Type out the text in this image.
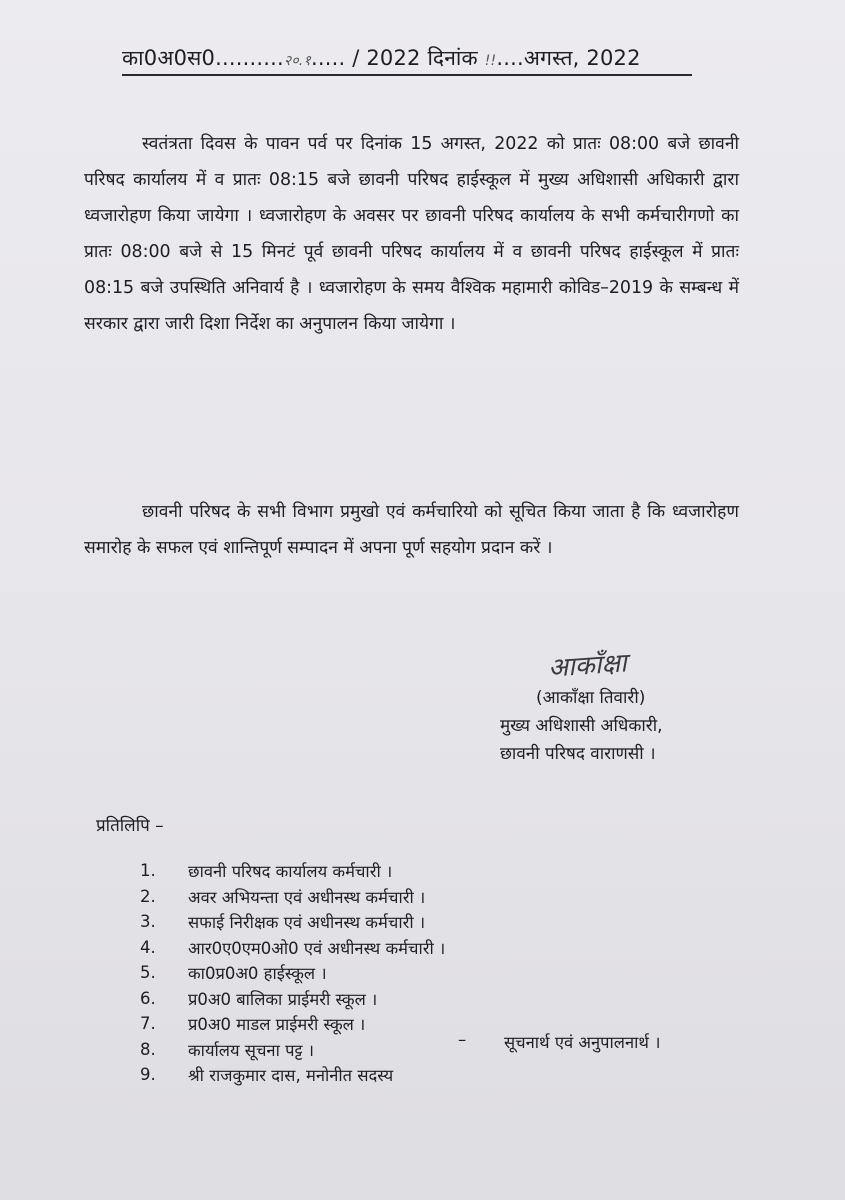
का0अ0स0..........२०.१..... / 2022 दिनांक !!....अगस्त, 2022
स्वतंत्रता दिवस के पावन पर्व पर दिनांक 15 अगस्त, 2022 को प्रातः 08:00 बजे छावनी परिषद कार्यालय में व प्रातः 08:15 बजे छावनी परिषद हाईस्कूल में मुख्य अधिशासी अधिकारी द्वारा ध्वजारोहण किया जायेगा । ध्वजारोहण के अवसर पर छावनी परिषद कार्यालय के सभी कर्मचारीगणो का प्रातः 08:00 बजे से 15 मिनटं पूर्व छावनी परिषद कार्यालय में व छावनी परिषद हाईस्कूल में प्रातः 08:15 बजे उपस्थिति अनिवार्य है । ध्वजारोहण के समय वैश्विक महामारी कोविड–2019 के सम्बन्ध में सरकार द्वारा जारी दिशा निर्देश का अनुपालन किया जायेगा ।
छावनी परिषद के सभी विभाग प्रमुखो एवं कर्मचारियो को सूचित किया जाता है कि ध्वजारोहण समारोह के सफल एवं शान्तिपूर्ण सम्पादन में अपना पूर्ण सहयोग प्रदान करें ।
आकाँक्षा
(आकाँक्षा तिवारी)
मुख्य अधिशासी अधिकारी,
छावनी परिषद वाराणसी ।
प्रतिलिपि –
1.	छावनी परिषद कार्यालय कर्मचारी ।
2.	अवर अभियन्ता एवं अधीनस्थ कर्मचारी ।
3.	सफाई निरीक्षक एवं अधीनस्थ कर्मचारी ।
4.	आर0ए0एम0ओ0 एवं अधीनस्थ कर्मचारी ।
5.	का0प्र0अ0 हाईस्कूल ।
6.	प्र0अ0 बालिका प्राईमरी स्कूल ।
7.	प्र0अ0 माडल प्राईमरी स्कूल ।
8.	कार्यालय सूचना पट्ट ।
9.	श्री राजकुमार दास, मनोनीत सदस्य
– सूचनार्थ एवं अनुपालनार्थ ।
